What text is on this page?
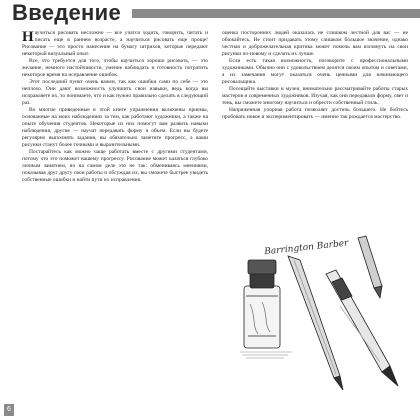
Введение

Научиться рисовать несложно — все учатся ходить, говорить, читать и писать еще в раннем возрасте, а научиться рисовать еще проще! Рисование — это просто нанесение на бумагу штрихов, которые передают некоторый визуальный опыт.

Все, что требуется для того, чтобы научиться хорошо рисовать, — это желание, немного настойчивости, умение наблюдать и готовность потратить некоторое время на исправление ошибок.

Этот последний пункт очень важен, так как ошибки сами по себе — это неплохо. Они дают возможность улучшить свои навыки, ведь когда вы исправляете их, то понимаете, что и как нужно правильно сделать в следующий раз.

Во многие приведенные в этой книге упражнения включены приемы, основанные на моих наблюдениях за тем, как работают художники, а также на опыте обучения студентов. Некоторые из них помогут вам развить навыки наблюдения, другие — научат передавать форму и объем. Если вы будете регулярно выполнять задания, вы обязательно заметите прогресс, а ваши рисунки станут более точными и выразительными.

Постарайтесь как можно чаще работать вместе с другими студентами, потому что это поможет вашему прогрессу. Рисование может казаться глубоко личным занятием, но на самом деле это не так: обмениваясь мнениями, показывая друг другу свои работы и обсуждая их, вы сможете быстрее увидеть собственные ошибки и найти пути их исправления.

оценка посторонних людей оказалась не слишком лестной для вас — не обижайтесь. Не стоит придавать этому слишком большое значение, однако честная и доброжелательная критика может помочь вам взглянуть на свои рисунки по-новому и сделать их лучше.

Если есть такая возможность, поговорите с профессиональными художниками. Обычно они с удовольствием делятся своим опытом и советами, а их замечания могут оказаться очень ценными для начинающего рисовальщика.

Посещайте выставки и музеи, внимательно рассматривайте работы старых мастеров и современных художников. Изучая, как они передавали форму, свет и тень, вы сможете многому научиться и обрести собственный стиль.

Напряженная упорная работа позволяет достичь большего. Не бойтесь пробовать новое и экспериментировать — именно так рождается мастерство.

Barrington Barber
6
